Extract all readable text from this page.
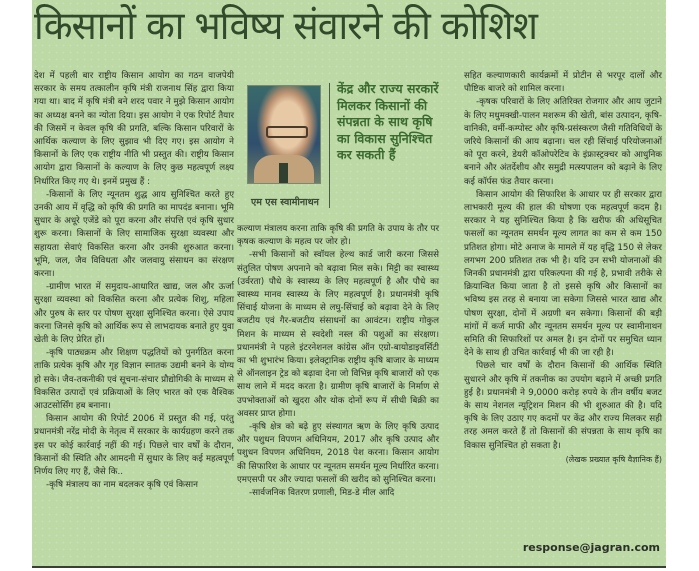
किसानों का भविष्य संवारने की कोशिश

देश में पहली बार राष्ट्रीय किसान आयोग का गठन वाजपेयी सरकार के समय तत्कालीन कृषि मंत्री राजनाथ सिंह द्वारा किया गया था। बाद में कृषि मंत्री बने शरद पवार ने मुझे किसान आयोग का अध्यक्ष बनने का न्योता दिया। इस आयोग ने एक रिपोर्ट तैयार की जिसमें न केवल कृषि की प्रगति, बल्कि किसान परिवारों के आर्थिक कल्याण के लिए सुझाव भी दिए गए। इस आयोग ने किसानों के लिए एक राष्ट्रीय नीति भी प्रस्तुत की। राष्ट्रीय किसान आयोग द्वारा किसानों के कल्याण के लिए कुछ महत्वपूर्ण लक्ष्य निर्धारित किए गए थे। इनमें प्रमुख हैं :

-किसानों के लिए न्यूनतम शुद्ध आय सुनिश्चित करते हुए उनकी आय में वृद्धि को कृषि की प्रगति का मापदंड बनाना। भूमि सुधार के अधूरे एजेंडे को पूरा करना और संपत्ति एवं कृषि सुधार शुरू करना। किसानों के लिए सामाजिक सुरक्षा व्यवस्था और सहायता सेवाएं विकसित करना और उनकी शुरुआत करना। भूमि, जल, जैव विविधता और जलवायु संसाधन का संरक्षण करना।

-ग्रामीण भारत में समुदाय-आधारित खाद्य, जल और ऊर्जा सुरक्षा व्यवस्था को विकसित करना और प्रत्येक शिशु, महिला और पुरुष के स्तर पर पोषण सुरक्षा सुनिश्चित करना। ऐसे उपाय करना जिनसे कृषि को आर्थिक रूप से लाभदायक बनाते हुए युवा खेती के लिए प्रेरित हों।

-कृषि पाठ्यक्रम और शिक्षण पद्धतियों को पुनर्गठित करना ताकि प्रत्येक कृषि और गृह विज्ञान स्नातक उद्यमी बनने के योग्य हो सके। जैव-तकनीकी एवं सूचना-संचार प्रौद्योगिकी के माध्यम से विकसित उत्पादों एवं प्रक्रियाओं के लिए भारत को एक वैश्विक आउटसोर्सिंग हब बनाना।

किसान आयोग की रिपोर्ट 2006 में प्रस्तुत की गई, परंतु प्रधानमंत्री नरेंद्र मोदी के नेतृत्व में सरकार के कार्यग्रहण करने तक इस पर कोई कार्रवाई नहीं की गई। पिछले चार वर्षों के दौरान, किसानों की स्थिति और आमदनी में सुधार के लिए कई महत्वपूर्ण निर्णय लिए गए हैं, जैसे कि..

-कृषि मंत्रालय का नाम बदलकर कृषि एवं किसान

एम एस स्वामीनाथन
केंद्र और राज्य सरकारें मिलकर किसानों की संपन्नता के साथ कृषि का विकास सुनिश्चित कर सकती हैं

कल्याण मंत्रालय करना ताकि कृषि की प्रगति के उपाय के तौर पर कृषक कल्याण के महत्व पर जोर हो।

-सभी किसानों को स्वॉयल हेल्थ कार्ड जारी करना जिससे संतुलित पोषण अपनाने को बढ़ावा मिल सके। मिट्टी का स्वास्थ्य (उर्वरता) पौधे के स्वास्थ्य के लिए महत्वपूर्ण है और पौधे का स्वास्थ्य मानव स्वास्थ्य के लिए महत्वपूर्ण है। प्रधानमंत्री कृषि सिंचाई योजना के माध्यम से लघु-सिंचाई को बढ़ावा देने के लिए बजटीय एवं गैर-बजटीय संसाधनों का आवंटन। राष्ट्रीय गोकुल मिशन के माध्यम से स्वदेशी नस्ल की पशुओं का संरक्षण। प्रधानमंत्री ने पहले इंटरनेशनल कांग्रेस ऑन एग्रो-बायोडाइवर्सिटी का भी शुभारंभ किया। इलेक्ट्रानिक राष्ट्रीय कृषि बाजार के माध्यम से ऑनलाइन ट्रेड को बढ़ावा देना जो विभिन्न कृषि बाजारों को एक साथ लाने में मदद करता है। ग्रामीण कृषि बाजारों के निर्माण से उपभोक्ताओं को खुदरा और थोक दोनों रूप में सीधी बिक्री का अवसर प्राप्त होगा।

-कृषि क्षेत्र को बढ़े हुए संस्थागत ऋण के लिए कृषि उत्पाद और पशुधन विपणन अधिनियम, 2017 और कृषि उत्पाद और पशुधन विपणन अधिनियम, 2018 पेश करना। किसान आयोग की सिफारिश के आधार पर न्यूनतम समर्थन मूल्य निर्धारित करना। एमएसपी पर और ज्यादा फसलों की खरीद को सुनिश्चित करना।

-सार्वजनिक वितरण प्रणाली, मिड-डे मील आदि

सहित कल्याणकारी कार्यक्रमों में प्रोटीन से भरपूर दालों और पौष्टिक बाजरे को शामिल करना।

-कृषक परिवारों के लिए अतिरिक्त रोजगार और आय जुटाने के लिए मधुमक्खी-पालन मशरूम की खेती, बांस उत्पादन, कृषि-वानिकी, वर्मी-कम्पोस्ट और कृषि-प्रसंस्करण जैसी गतिविधियों के जरिये किसानों की आय बढ़ाना। चल रही सिंचाई परियोजनाओं को पूरा करने, डेयरी कॉओपरेटिव के इंफ्रास्ट्रक्चर को आधुनिक बनाने और अंतर्देशीय और समुद्री मत्स्यपालन को बढ़ाने के लिए कई कॉर्पस फंड तैयार करना।

किसान आयोग की सिफारिश के आधार पर ही सरकार द्वारा लाभकारी मूल्य की हाल की घोषणा एक महत्वपूर्ण कदम है। सरकार ने यह सुनिश्चित किया है कि खरीफ की अधिसूचित फसलों का न्यूनतम समर्थन मूल्य लागत का कम से कम 150 प्रतिशत होगा। मोटे अनाज के मामले में यह वृद्धि 150 से लेकर लगभग 200 प्रतिशत तक भी है। यदि उन सभी योजनाओं की जिनकी प्रधानमंत्री द्वारा परिकल्पना की गई है, प्रभावी तरीके से क्रियान्वित किया जाता है तो इससे कृषि और किसानों का भविष्य इस तरह से बनाया जा सकेगा जिससे भारत खाद्य और पोषण सुरक्षा, दोनों में अग्रणी बन सकेगा। किसानों की बड़ी मांगों में कर्ज माफी और न्यूनतम समर्थन मूल्य पर स्वामीनाथन समिति की सिफारिशों पर अमल है। इन दोनों पर समुचित ध्यान देने के साथ ही उचित कार्रवाई भी की जा रही है।

पिछले चार वर्षों के दौरान किसानों की आर्थिक स्थिति सुधारने और कृषि में तकनीक का उपयोग बढ़ाने में अच्छी प्रगति हुई है। प्रधानमंत्री ने 9,0000 करोड़ रुपये के तीन वर्षीय बजट के साथ नेशनल न्यूट्रिशन मिशन की भी शुरुआत की है। यदि कृषि के लिए उठाए गए कदमों पर केंद्र और राज्य मिलकर सही तरह अमल करते हैं तो किसानों की संपन्नता के साथ कृषि का विकास सुनिश्चित हो सकता है।

(लेखक प्रख्यात कृषि वैज्ञानिक हैं)

response@jagran.com
